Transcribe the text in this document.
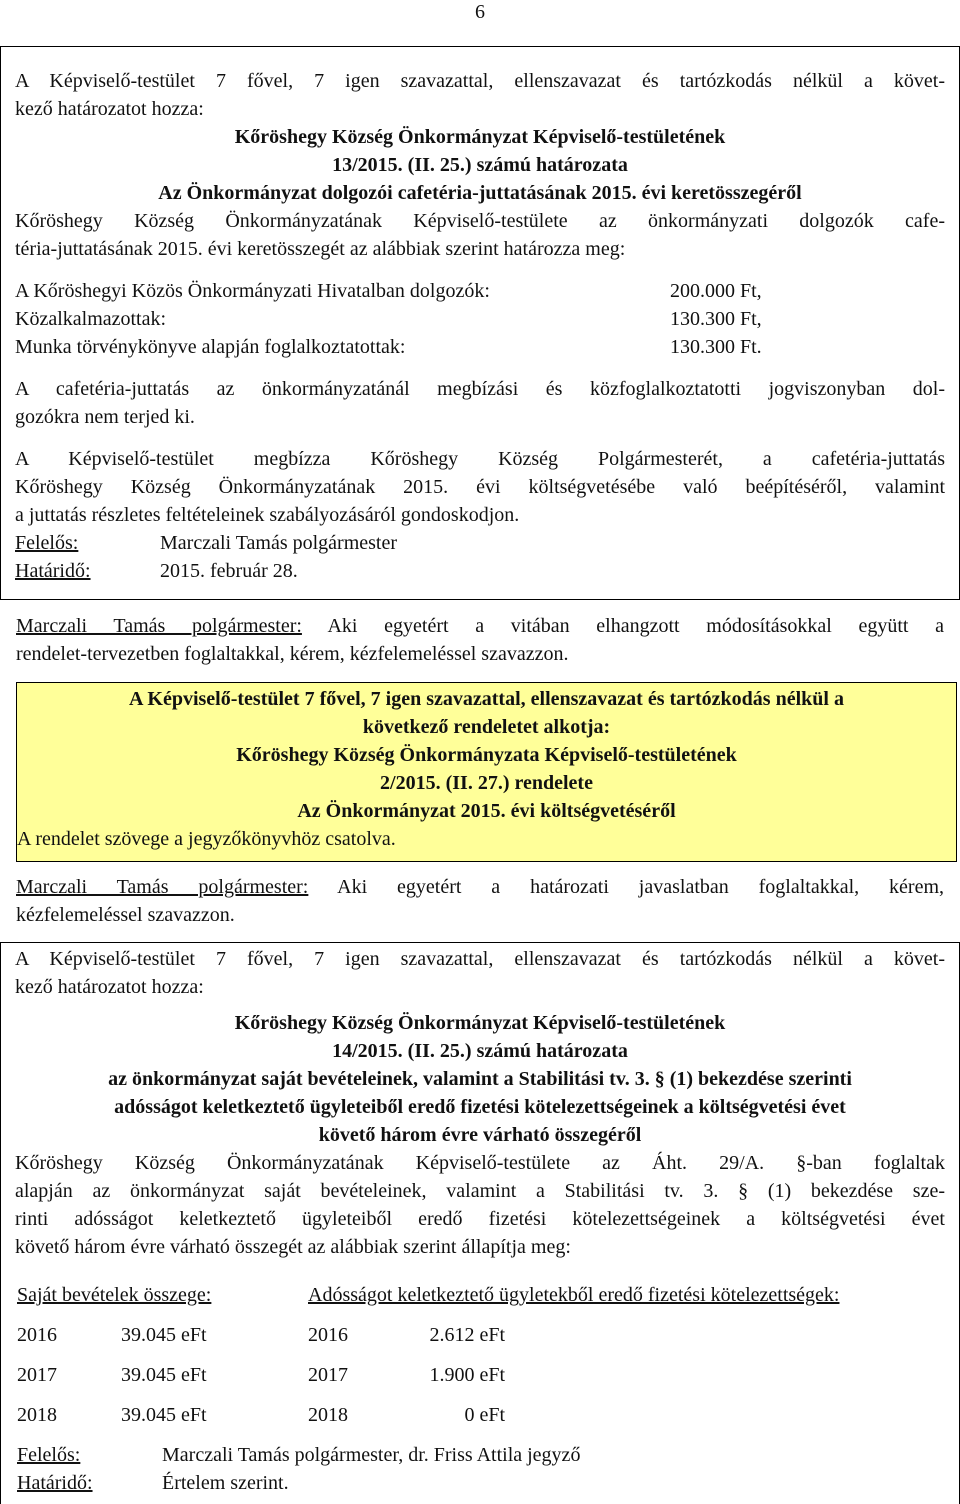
6

A Képviselő-testület 7 fővel, 7 igen szavazattal, ellenszavazat és tartózkodás nélkül a követ-

kező határozatot hozza:

Kőröshegy Község Önkormányzat Képviselő-testületének

13/2015. (II. 25.) számú határozata

Az Önkormányzat dolgozói cafetéria-juttatásának 2015. évi keretösszegéről

Kőröshegy Község Önkormányzatának Képviselő-testülete az önkormányzati dolgozók cafe-

téria-juttatásának 2015. évi keretösszegét az alábbiak szerint határozza meg:

A Kőröshegyi Közös Önkormányzati Hivatalban dolgozók:	200.000 Ft,
Közalkalmazottak:	130.300 Ft,
Munka törvénykönyve alapján foglalkoztatottak:	130.300 Ft.

A cafetéria-juttatás az önkormányzatánál megbízási és közfoglalkoztatotti jogviszonyban dol-

gozókra nem terjed ki.

A Képviselő-testület megbízza Kőröshegy Község Polgármesterét, a cafetéria-juttatás

Kőröshegy Község Önkormányzatának 2015. évi költségvetésébe való beépítéséről, valamint

a juttatás részletes feltételeinek szabályozásáról gondoskodjon.

Felelős:	Marczali Tamás polgármester

Határidő:	2015. február 28.

Marczali Tamás polgármester: Aki egyetért a vitában elhangzott módosításokkal együtt a

rendelet-tervezetben foglaltakkal, kérem, kézfelemeléssel szavazzon.

A Képviselő-testület 7 fővel, 7 igen szavazattal, ellenszavazat és tartózkodás nélkül a

következő rendeletet alkotja:

Kőröshegy Község Önkormányzata Képviselő-testületének

2/2015. (II. 27.) rendelete

Az Önkormányzat 2015. évi költségvetéséről

A rendelet szövege a jegyzőkönyvhöz csatolva.

Marczali Tamás polgármester: Aki egyetért a határozati javaslatban foglaltakkal, kérem,

kézfelemeléssel szavazzon.

A Képviselő-testület 7 fővel, 7 igen szavazattal, ellenszavazat és tartózkodás nélkül a követ-

kező határozatot hozza:

Kőröshegy Község Önkormányzat Képviselő-testületének

14/2015. (II. 25.) számú határozata

az önkormányzat saját bevételeinek, valamint a Stabilitási tv. 3. § (1) bekezdése szerinti

adósságot keletkeztető ügyleteiből eredő fizetési kötelezettségeinek a költségvetési évet

követő három évre várható összegéről

Kőröshegy Község Önkormányzatának Képviselő-testülete az Áht. 29/A. §-ban foglaltak

alapján az önkormányzat saját bevételeinek, valamint a Stabilitási tv. 3. § (1) bekezdése sze-

rinti adósságot keletkeztető ügyleteiből eredő fizetési kötelezettségeinek a költségvetési évet

követő három évre várható összegét az alábbiak szerint állapítja meg:

Saját bevételek összege:	Adósságot keletkeztető ügyletekből eredő fizetési kötelezettségek:
2016	39.045 eFt	2016	2.612 eFt
2017	39.045 eFt	2017	1.900 eFt
2018	39.045 eFt	2018	0 eFt
Felelős:	Marczali Tamás polgármester, dr. Friss Attila jegyző
Határidő:	Értelem szerint.
